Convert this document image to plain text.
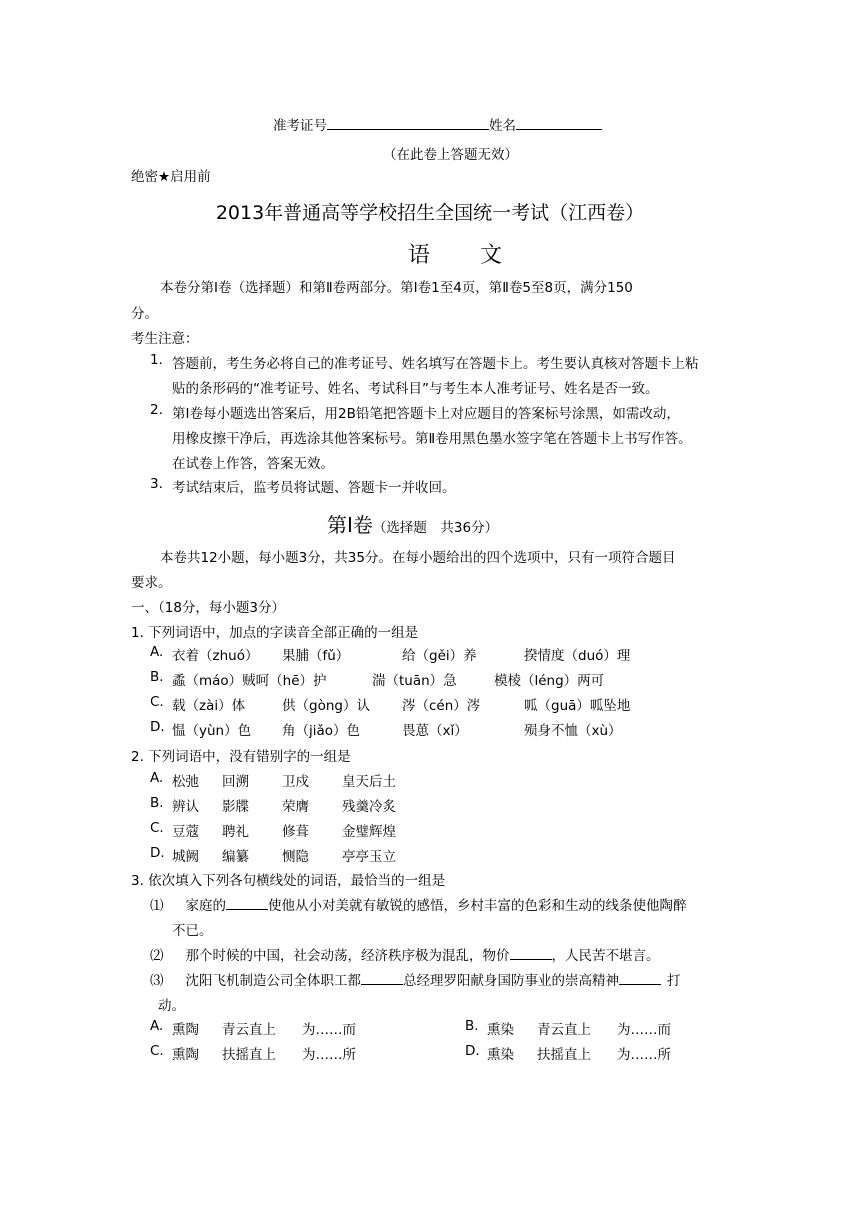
准考证号	姓名
（在此卷上答题无效）
绝密★启用前
2013年普通高等学校招生全国统一考试（江西卷）
语文
本卷分第Ⅰ卷（选择题）和第Ⅱ卷两部分。第Ⅰ卷1至4页，第Ⅱ卷5至8页，满分150
分。
考生注意：
1. 答题前，考生务必将自己的准考证号、姓名填写在答题卡上。考生要认真核对答题卡上粘
贴的条形码的“准考证号、姓名、考试科目”与考生本人准考证号、姓名是否一致。
2. 第Ⅰ卷每小题选出答案后，用2B铅笔把答题卡上对应题目的答案标号涂黑，如需改动，
用橡皮擦干净后，再选涂其他答案标号。第Ⅱ卷用黑色墨水签字笔在答题卡上书写作答。
在试卷上作答，答案无效。
3. 考试结束后，监考员将试题、答题卡一并收回。
第Ⅰ卷（选择题　共36分）
本卷共12小题，每小题3分，共35分。在每小题给出的四个选项中，只有一项符合题目
要求。
一、（18分，每小题3分）
1. 下列词语中，加点的字读音全部正确的一组是
A. 衣着（zhuó） 果脯（fǔ）	给（gěi）养	揆情度（duó）理
B. 蟊（máo）贼呵（hē）护	湍（tuān）急	模棱（léng）两可
C. 载（zài）体	供（gòng）认 涔（cén）涔	呱（guā）呱坠地
D. 愠（yùn）色 角（jiǎo）色	畏葸（xǐ）	殒身不恤（xù）
2. 下列词语中，没有错别字的一组是
A. 松弛 回溯 卫戍 皇天后土
B. 辨认 影牒 荣膺 残羹冷炙
C. 豆蔻 聘礼 修葺 金璧辉煌
D. 城阙 编纂 恻隐 亭亭玉立
3. 依次填入下列各句横线处的词语，最恰当的一组是
⑴ 家庭的	使他从小对美就有敏锐的感悟，乡村丰富的色彩和生动的线条使他陶醉
不已。
⑵ 那个时候的中国，社会动荡，经济秩序极为混乱，物价	，人民苦不堪言。
⑶ 沈阳飞机制造公司全体职工都	总经理罗阳献身国防事业的崇高精神	打
动。
A. 熏陶 青云直上 为……而	B. 熏染 青云直上 为……而
C. 熏陶 扶摇直上 为……所	D. 熏染 扶摇直上 为……所
